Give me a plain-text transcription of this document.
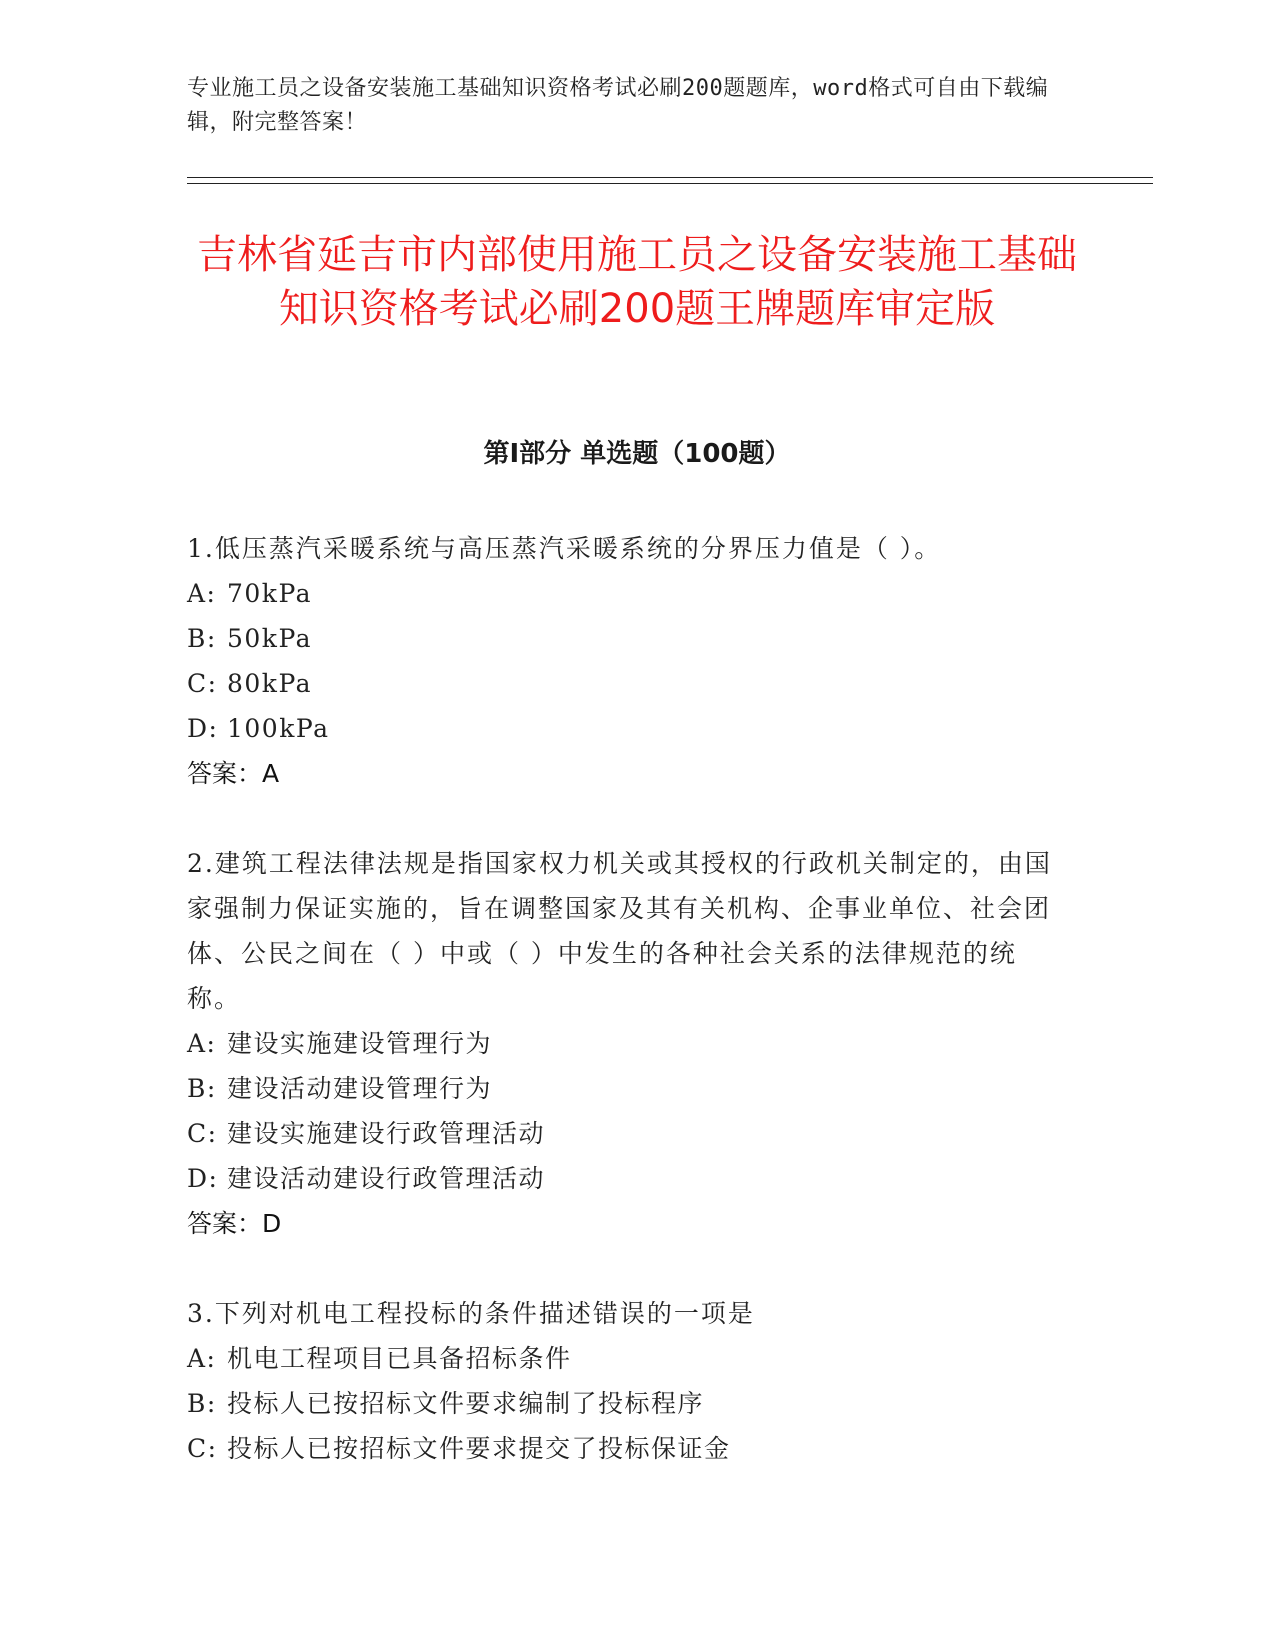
专业施工员之设备安装施工基础知识资格考试必刷200题题库，word格式可自由下载编辑，附完整答案！
吉林省延吉市内部使用施工员之设备安装施工基础知识资格考试必刷200题王牌题库审定版
第Ⅰ部分 单选题（100题）
1.低压蒸汽采暖系统与高压蒸汽采暖系统的分界压力值是（ ）。
A: 70kPa
B: 50kPa
C: 80kPa
D: 100kPa
答案：A
2.建筑工程法律法规是指国家权力机关或其授权的行政机关制定的，由国家强制力保证实施的，旨在调整国家及其有关机构、企事业单位、社会团体、公民之间在（ ）中或（ ）中发生的各种社会关系的法律规范的统称。
A: 建设实施建设管理行为
B: 建设活动建设管理行为
C: 建设实施建设行政管理活动
D: 建设活动建设行政管理活动
答案：D
3.下列对机电工程投标的条件描述错误的一项是
A: 机电工程项目已具备招标条件
B: 投标人已按招标文件要求编制了投标程序
C: 投标人已按招标文件要求提交了投标保证金
